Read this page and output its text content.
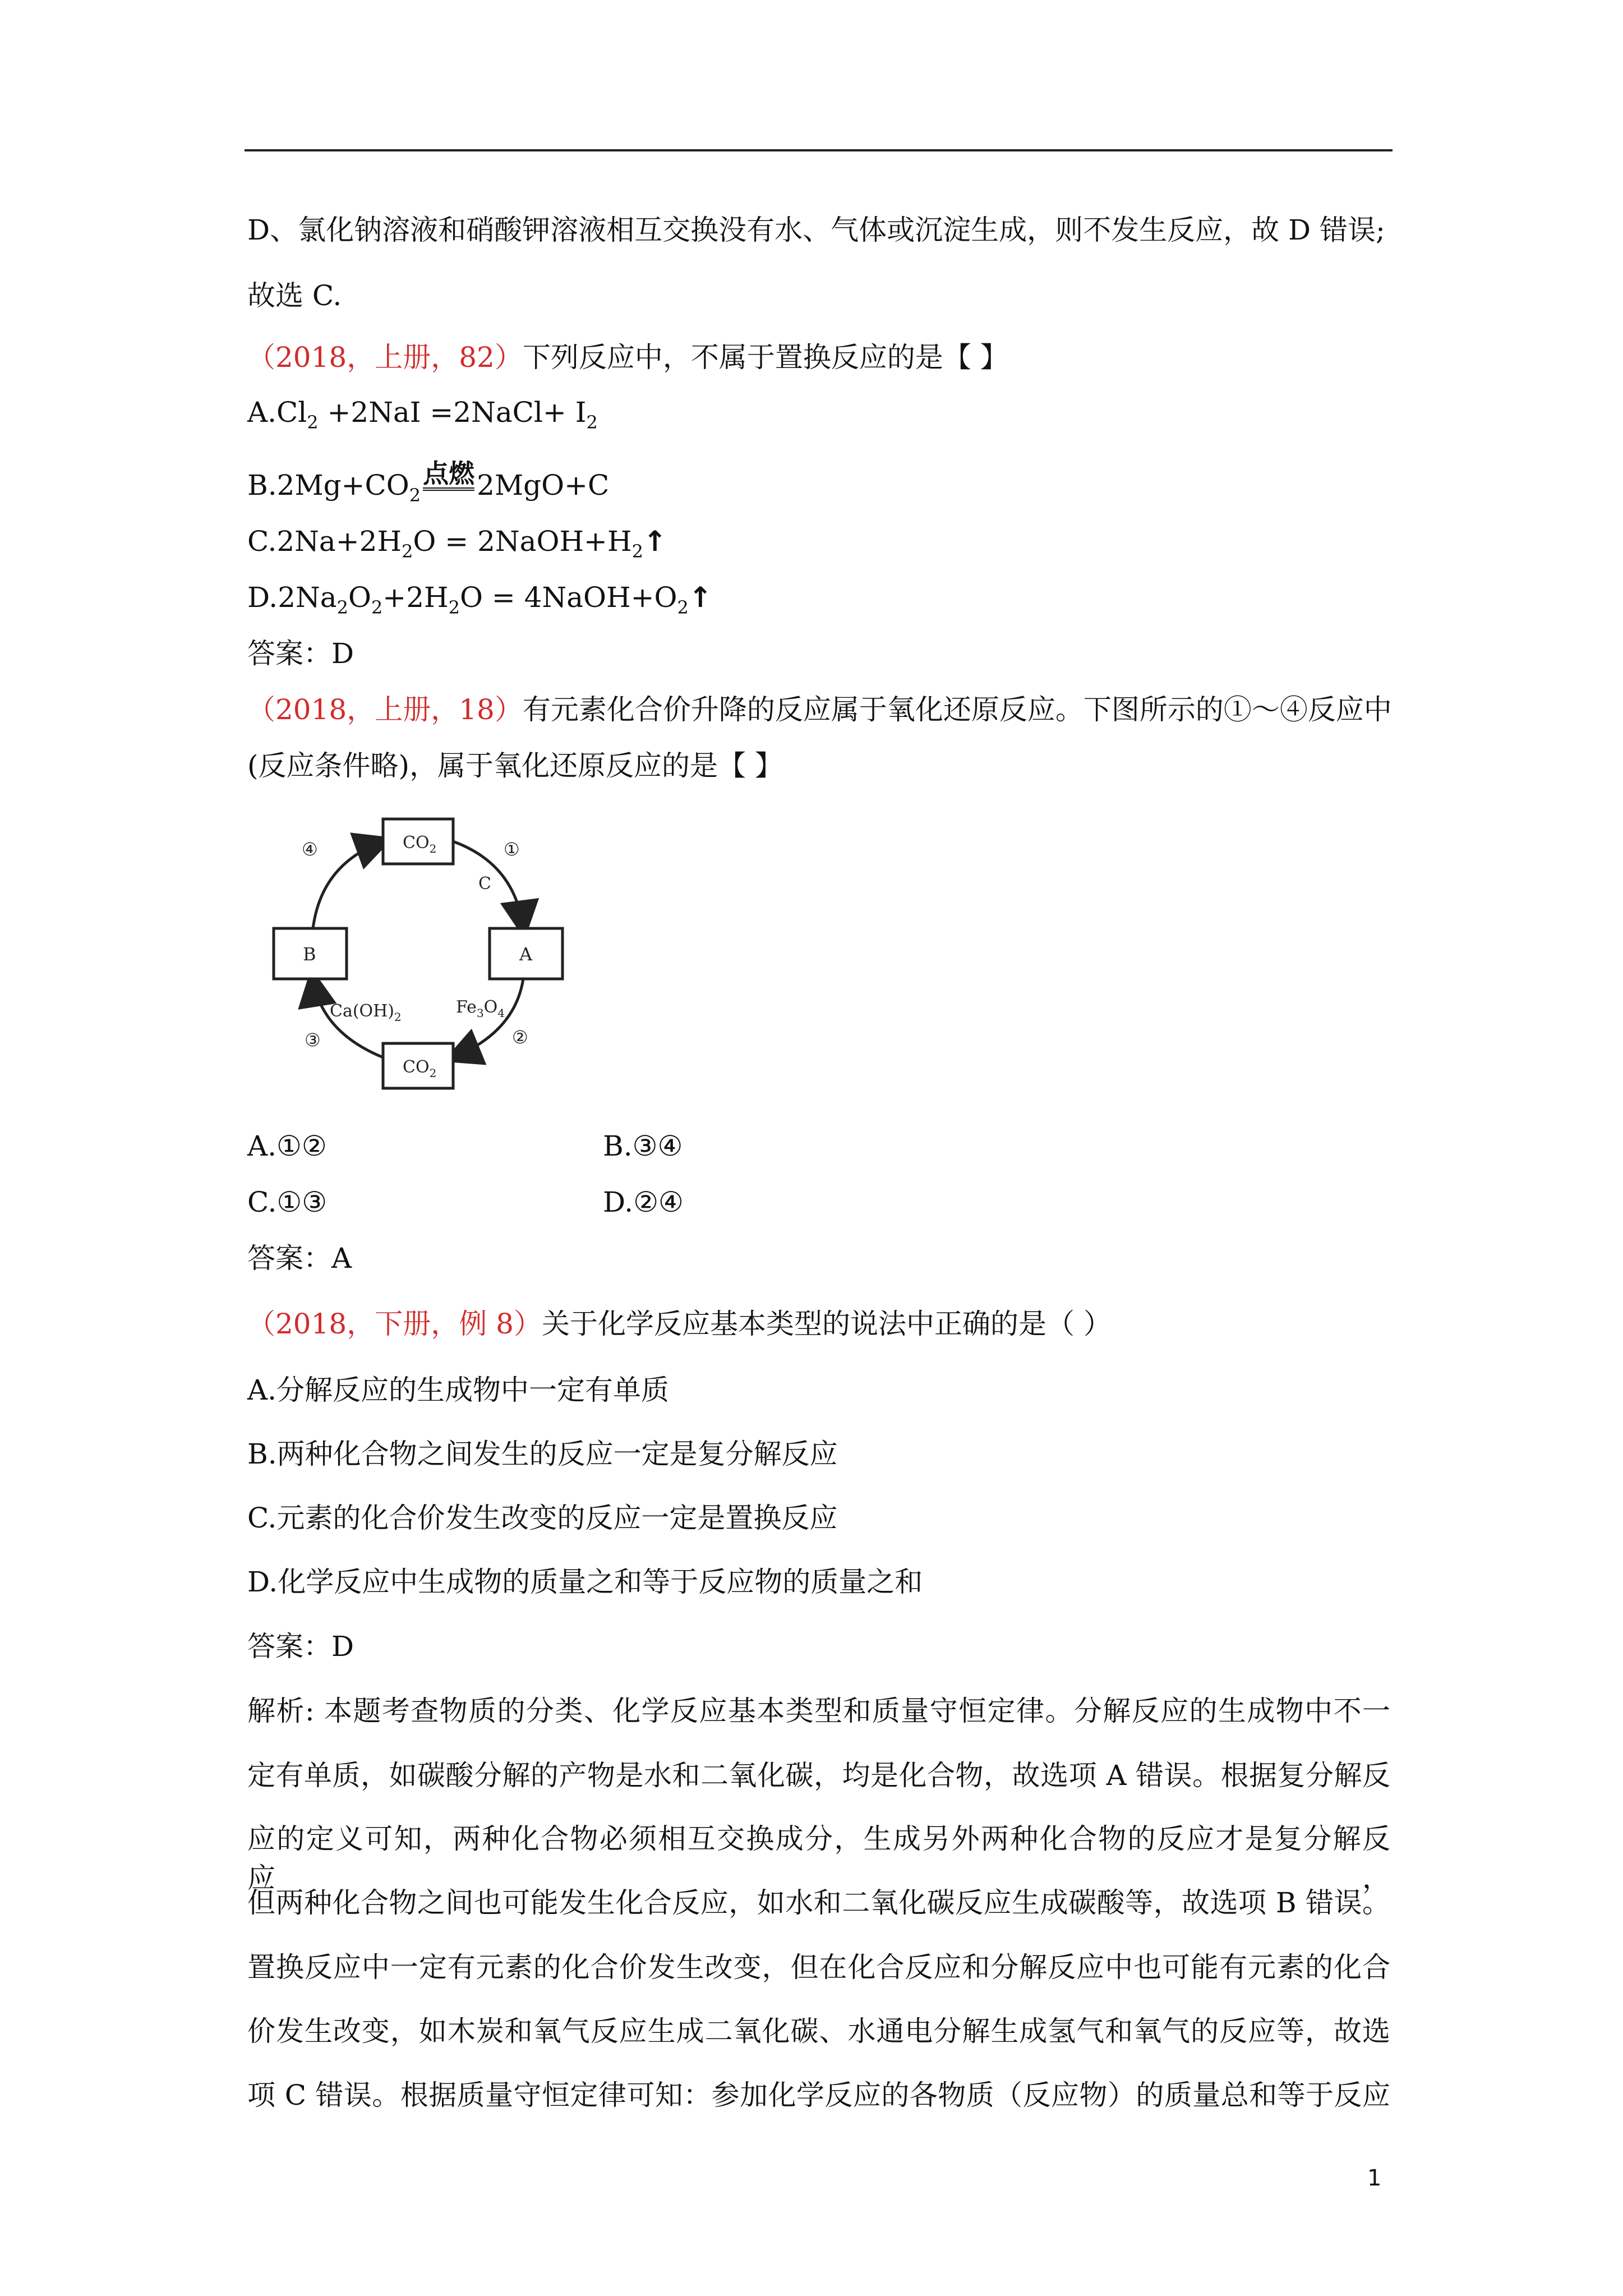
D、氯化钠溶液和硝酸钾溶液相互交换没有水、气体或沉淀生成，则不发生反应，故 D 错误;
故选 C.
（2018，上册，82）下列反应中，不属于置换反应的是【 】
$A.Cl_2 +2NaI$ =2NaCl+ $I_2$
$B.2Mg+CO_2$点燃2MgO+C
$C.2Na+2H_2O$ = $2NaOH+H_2↑$
$D.2Na_2O_2+2H_2O$ = $4NaOH+O_2↑$
答案：D
（2018，上册，18）有元素化合价升降的反应属于氧化还原反应。下图所示的①～④反应中
(反应条件略)，属于氧化还原反应的是【 】
$CO_2$
$CO_2$
B	A
①
C
④
$Fe_3O_4$
②
$Ca(OH)_2$
③
A.①②	B.③④
C.①③	D.②④
答案：A
（2018，下册，例 8）关于化学反应基本类型的说法中正确的是（ ）
A.分解反应的生成物中一定有单质
B.两种化合物之间发生的反应一定是复分解反应
C.元素的化合价发生改变的反应一定是置换反应
D.化学反应中生成物的质量之和等于反应物的质量之和
答案：D
解析: 本题考查物质的分类、化学反应基本类型和质量守恒定律。分解反应的生成物中不一
定有单质，如碳酸分解的产物是水和二氧化碳，均是化合物，故选项 A 错误。根据复分解反
应的定义可知，两种化合物必须相互交换成分，生成另外两种化合物的反应才是复分解反应，
但两种化合物之间也可能发生化合反应，如水和二氧化碳反应生成碳酸等，故选项 B 错误。
置换反应中一定有元素的化合价发生改变，但在化合反应和分解反应中也可能有元素的化合
价发生改变，如木炭和氧气反应生成二氧化碳、水通电分解生成氢气和氧气的反应等，故选
项 C 错误。根据质量守恒定律可知：参加化学反应的各物质（反应物）的质量总和等于反应
1
